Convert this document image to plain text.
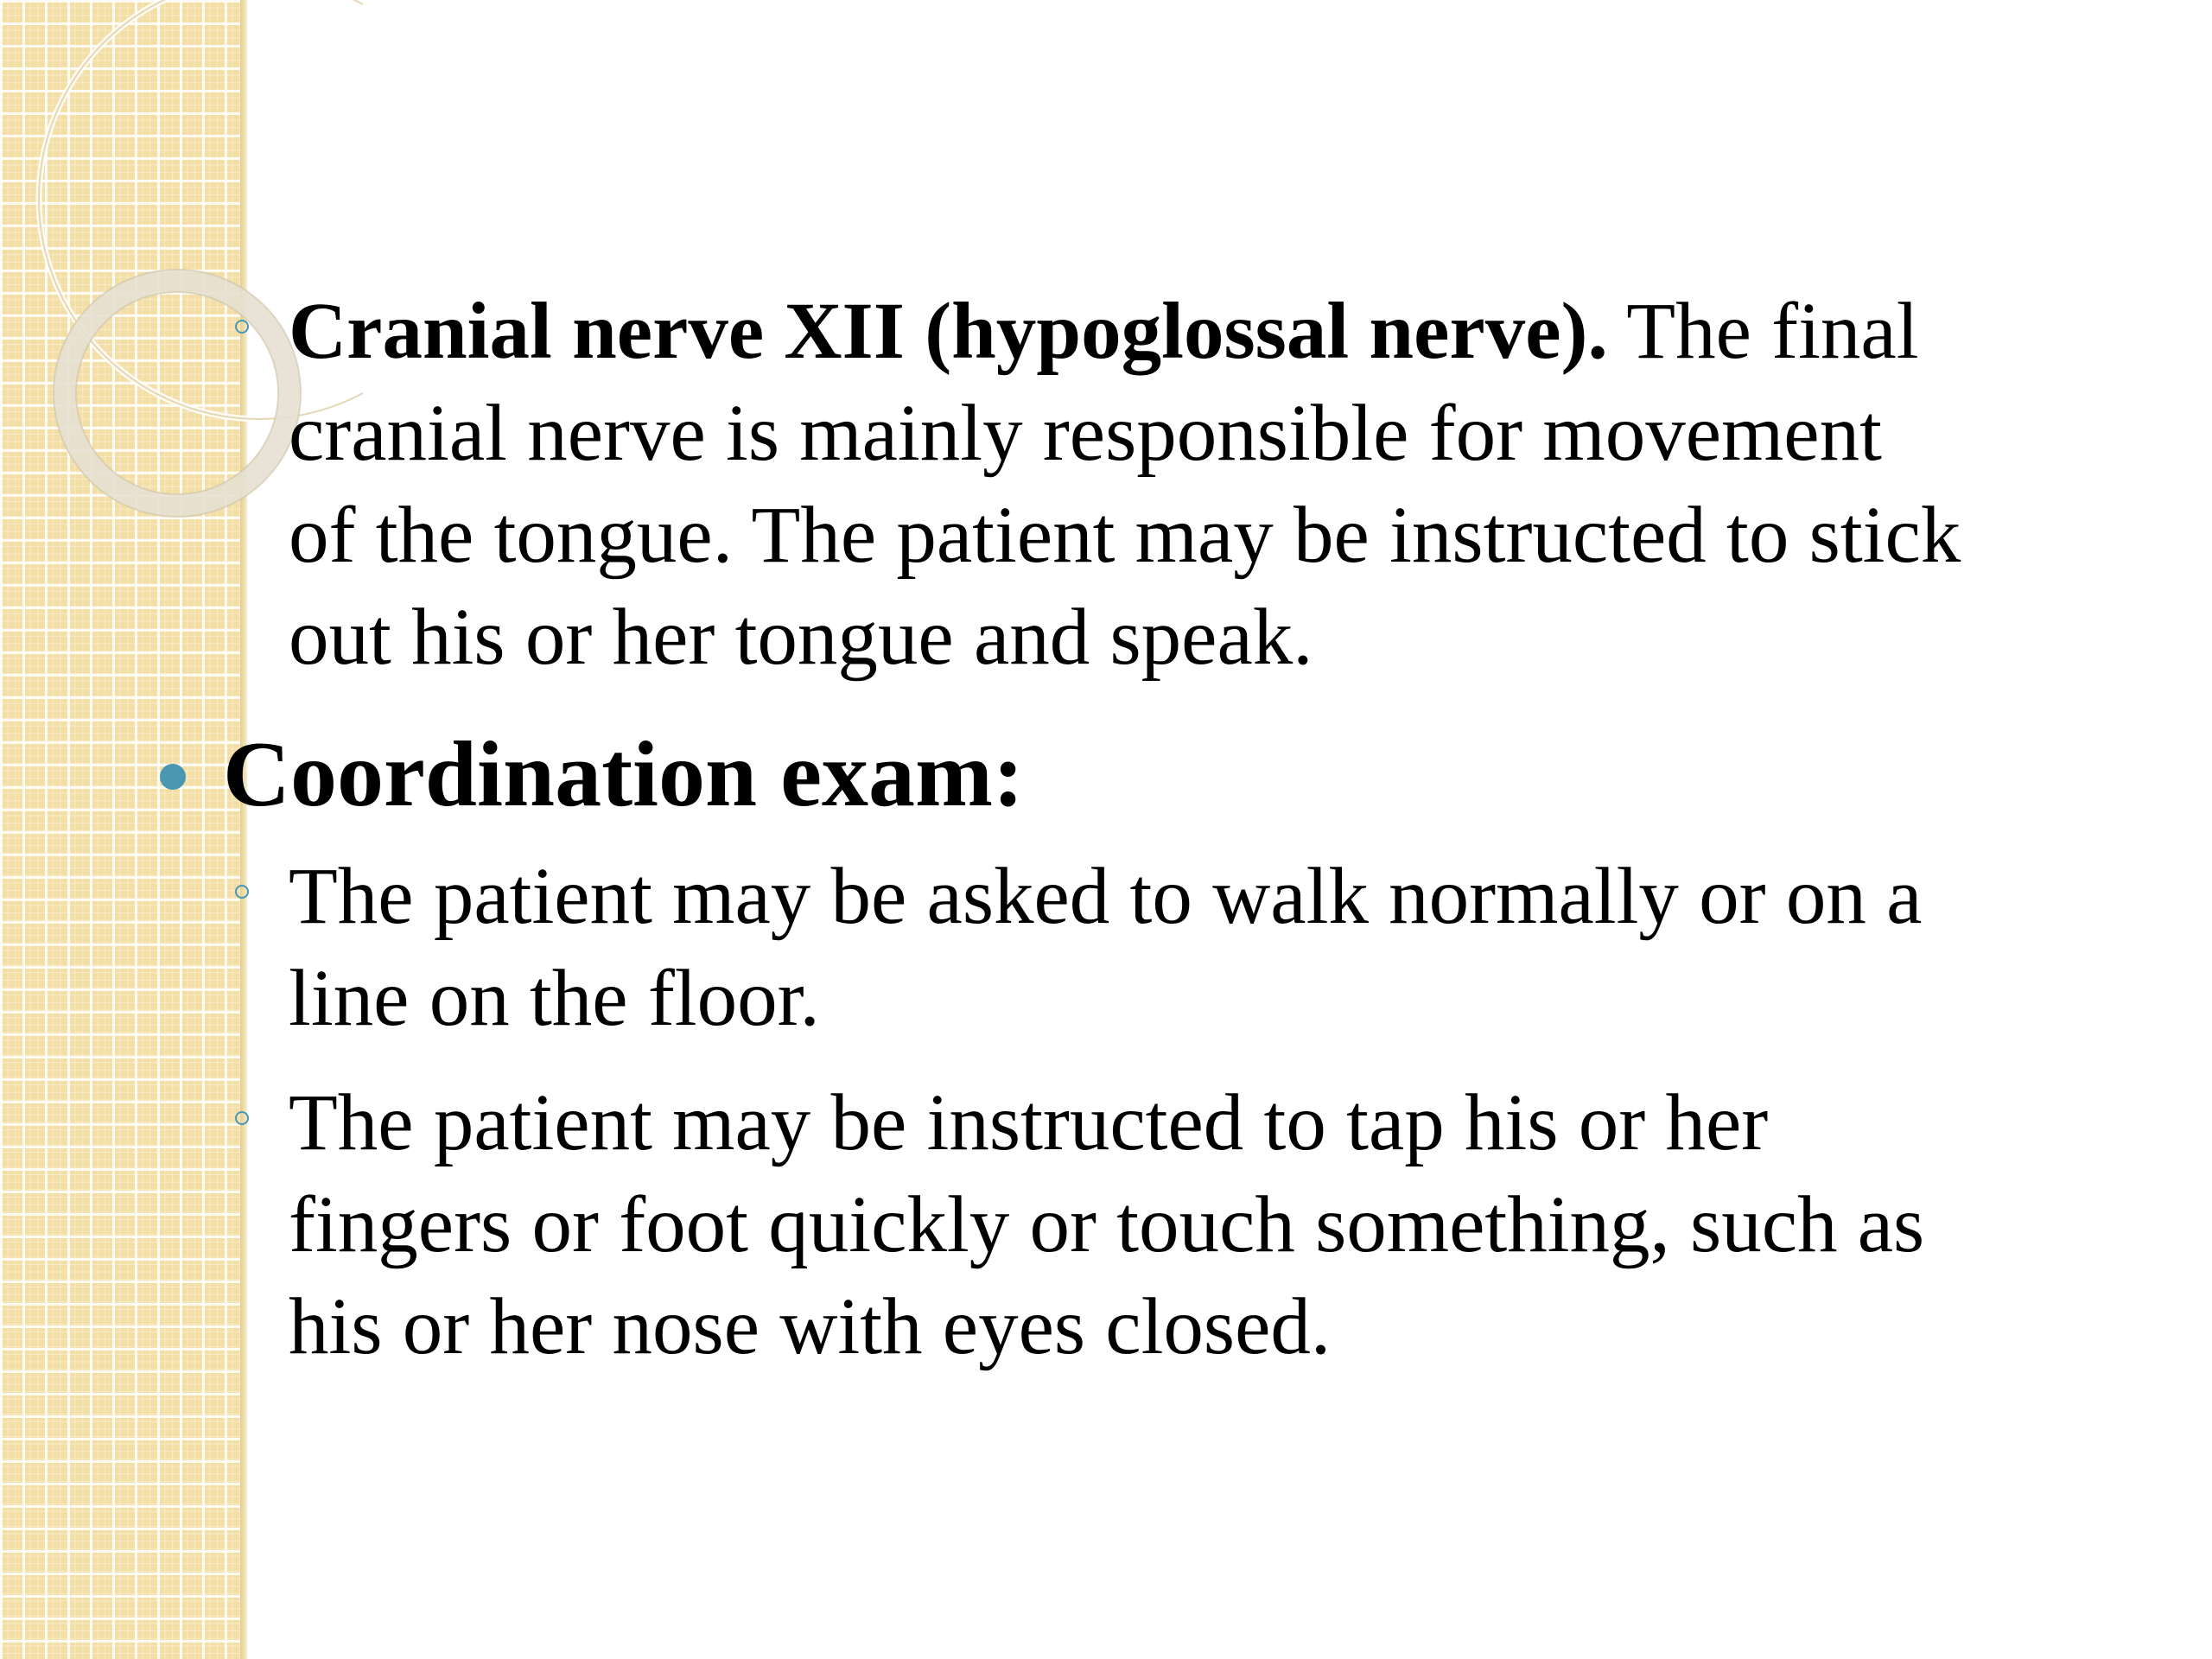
Cranial nerve XII (hypoglossal nerve). The final
cranial nerve is mainly responsible for movement
of the tongue. The patient may be instructed to stick
out his or her tongue and speak.
Coordination exam:
The patient may be asked to walk normally or on a
line on the floor.
The patient may be instructed to tap his or her
fingers or foot quickly or touch something, such as
his or her nose with eyes closed.
